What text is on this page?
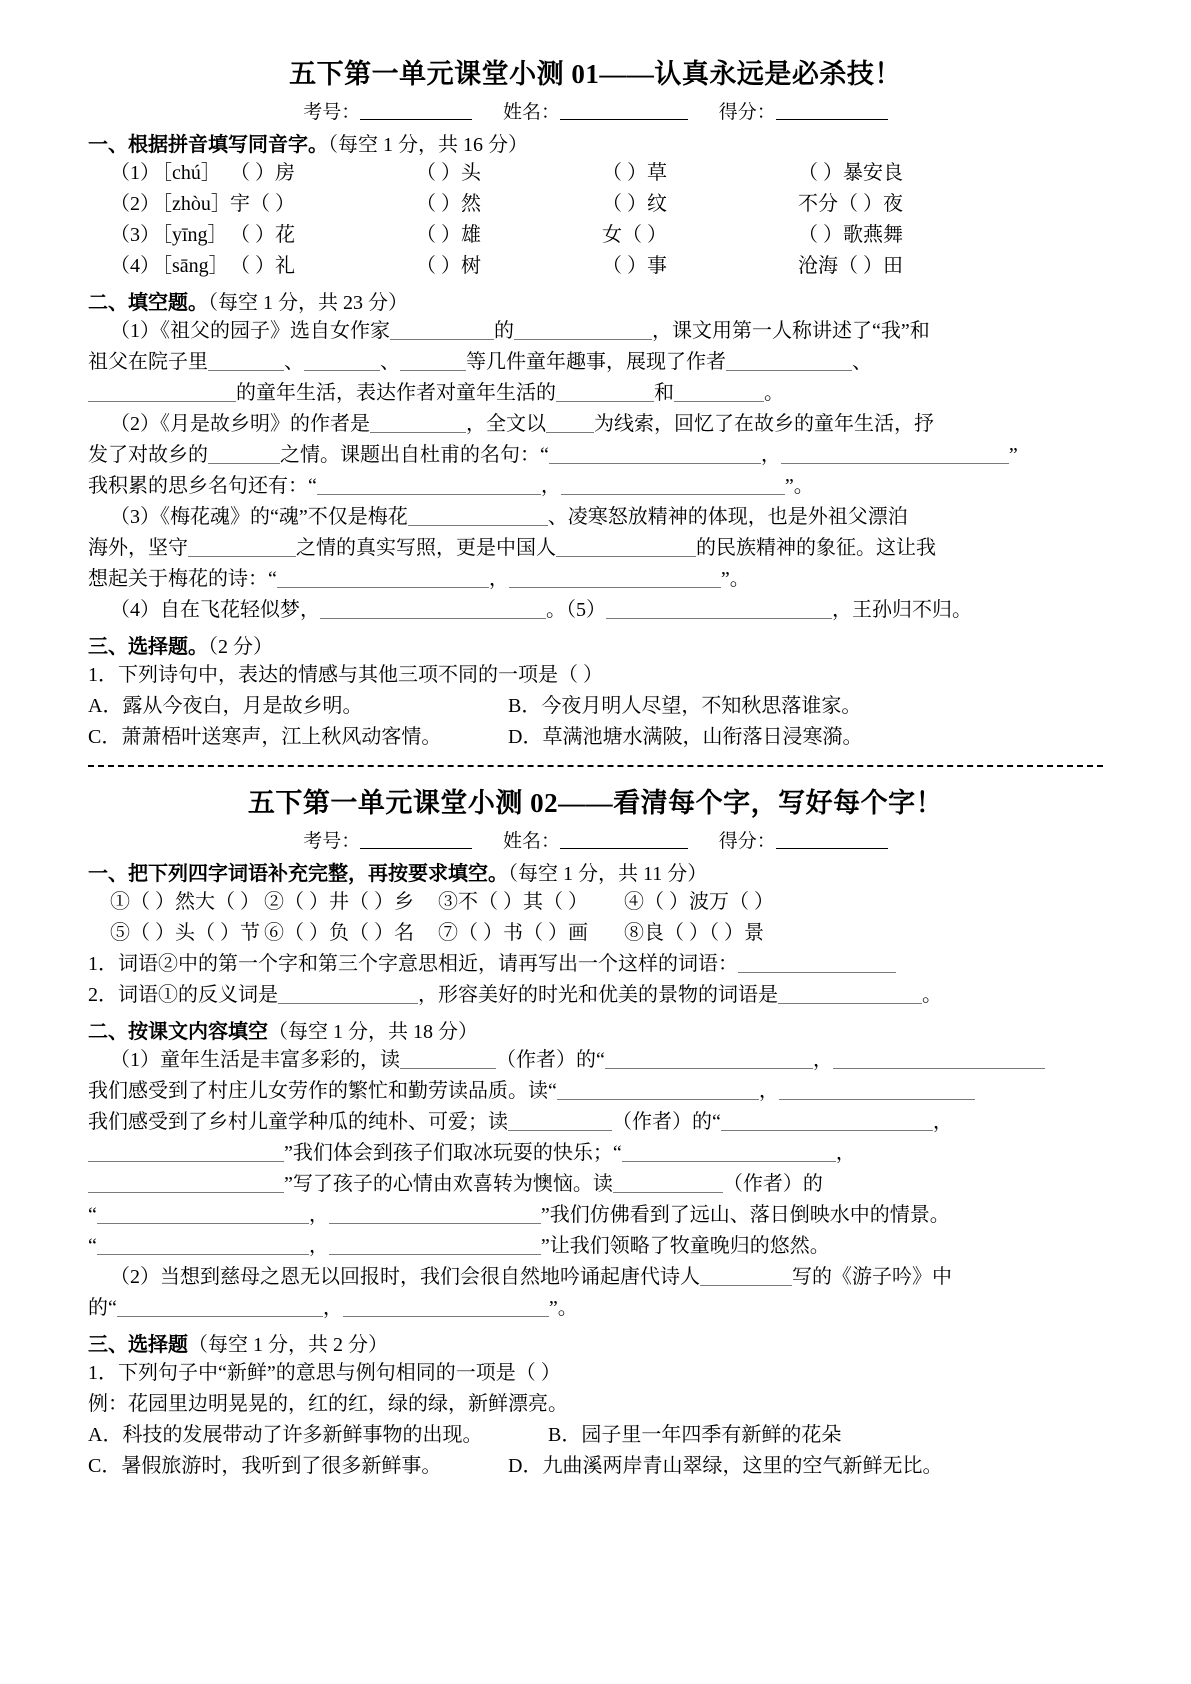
五下第一单元课堂小测 01——认真永远是必杀技！
考号：	姓名：	得分：
一、根据拼音填写同音字。（每空 1 分，共 16 分）
（1）［chú］ （ ）房	（ ）头	（ ）草	（ ）暴安良
（2）［zhòu］宇（ ）	（ ）然	（ ）纹	不分（ ）夜
（3）［yīng］ （ ）花	（ ）雄	女（ ）	（ ）歌燕舞
（4）［sāng］（ ）礼	（ ）树	（ ）事	沧海（ ）田
二、填空题。（每空 1 分，共 23 分）
（1）《祖父的园子》选自女作家	的	，课文用第一人称讲述了“我”和
祖父在院子里	、	、	等几件童年趣事，展现了作者	、
的童年生活，表达作者对童年生活的	和	。
（2）《月是故乡明》的作者是	，全文以 为线索，回忆了在故乡的童年生活，抒
发了对故乡的	之情。课题出自杜甫的名句：“	，	”
我积累的思乡名句还有：“	，	”。
（3）《梅花魂》的“魂”不仅是梅花	、凌寒怒放精神的体现，也是外祖父漂泊
海外，坚守	之情的真实写照，更是中国人	的民族精神的象征。这让我
想起关于梅花的诗：“	，	”。
（4）自在飞花轻似梦，	。（5）	，王孙归不归。
三、选择题。（2 分）
1．下列诗句中，表达的情感与其他三项不同的一项是（ ）
A．露从今夜白，月是故乡明。	B．今夜月明人尽望，不知秋思落谁家。
C．萧萧梧叶送寒声，江上秋风动客情。	D．草满池塘水满陂，山衔落日浸寒漪。
五下第一单元课堂小测 02——看清每个字，写好每个字！
考号：	姓名：	得分：
一、把下列四字词语补充完整，再按要求填空。（每空 1 分，共 11 分）
①（ ）然大（ ） ②（ ）井（ ）乡 ③不（ ）其（ ） ④（ ）波万（ ）
⑤（ ）头（ ）节 ⑥（ ）负（ ）名 ⑦（ ）书（ ）画 ⑧良（ ）（ ）景
1．词语②中的第一个字和第三个字意思相近，请再写出一个这样的词语：
2．词语①的反义词是	，形容美好的时光和优美的景物的词语是	。
二、按课文内容填空（每空 1 分，共 18 分）
（1）童年生活是丰富多彩的，读	（作者）的“	，
我们感受到了村庄儿女劳作的繁忙和勤劳读品质。读“	，
我们感受到了乡村儿童学种瓜的纯朴、可爱；读	（作者）的“	，
”我们体会到孩子们取冰玩耍的快乐；“	，
”写了孩子的心情由欢喜转为懊恼。读	（作者）的
“	，	”我们仿佛看到了远山、落日倒映水中的情景。
“	，	”让我们领略了牧童晚归的悠然。
（2）当想到慈母之恩无以回报时，我们会很自然地吟诵起唐代诗人	写的《游子吟》中
的“	，	”。
三、选择题（每空 1 分，共 2 分）
1．下列句子中“新鲜”的意思与例句相同的一项是（ ）
例：花园里边明晃晃的，红的红，绿的绿，新鲜漂亮。
A．科技的发展带动了许多新鲜事物的出现。	B．园子里一年四季有新鲜的花朵
C．暑假旅游时，我听到了很多新鲜事。	D．九曲溪两岸青山翠绿，这里的空气新鲜无比。
